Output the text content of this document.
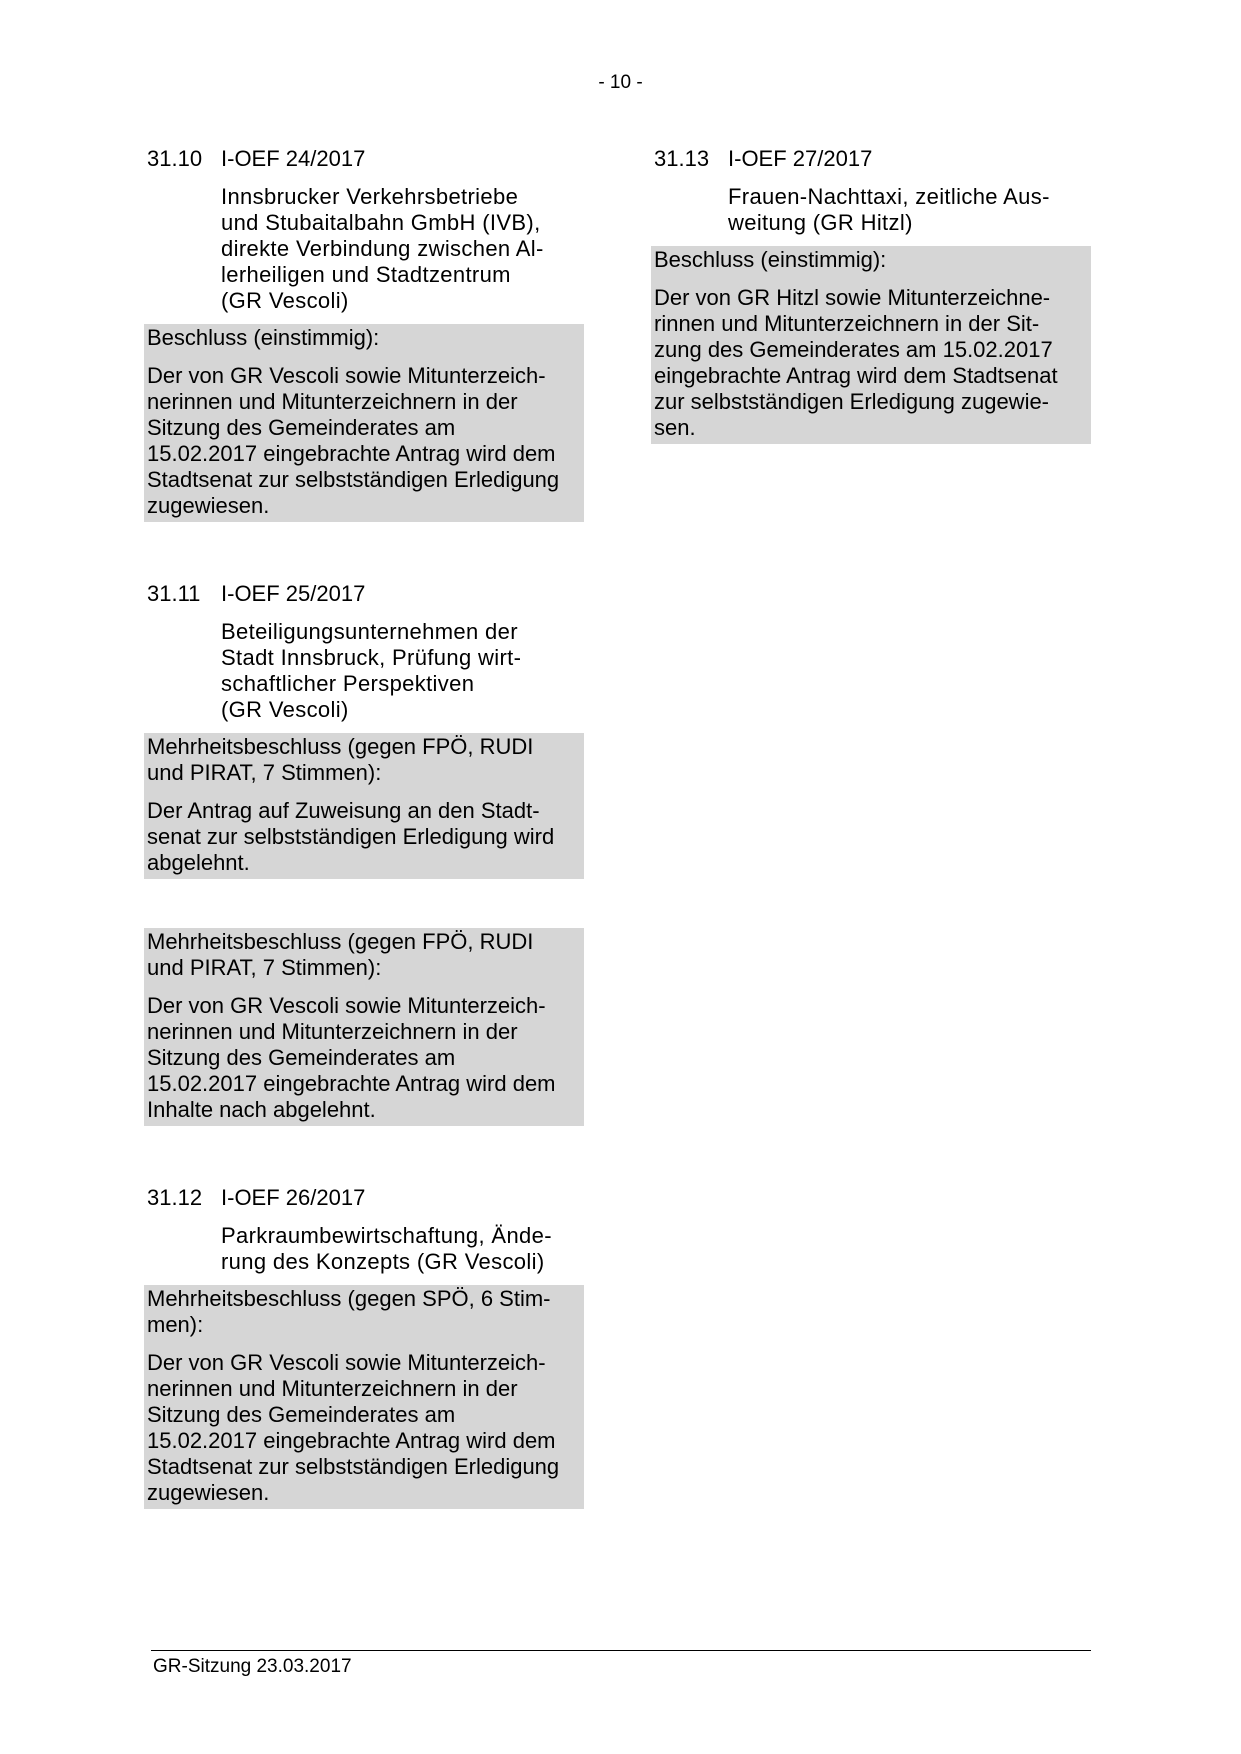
- 10 -
31.10 I-OEF 24/2017
Innsbrucker Verkehrsbetriebe
und Stubaitalbahn GmbH (IVB),
direkte Verbindung zwischen Al-
lerheiligen und Stadtzentrum
(GR Vescoli)
Beschluss (einstimmig):
Der von GR Vescoli sowie Mitunterzeich-
nerinnen und Mitunterzeichnern in der
Sitzung des Gemeinderates am
15.02.2017 eingebrachte Antrag wird dem
Stadtsenat zur selbstständigen Erledigung
zugewiesen.
31.11 I-OEF 25/2017
Beteiligungsunternehmen der
Stadt Innsbruck, Prüfung wirt-
schaftlicher Perspektiven
(GR Vescoli)
Mehrheitsbeschluss (gegen FPÖ, RUDI
und PIRAT, 7 Stimmen):
Der Antrag auf Zuweisung an den Stadt-
senat zur selbstständigen Erledigung wird
abgelehnt.
Mehrheitsbeschluss (gegen FPÖ, RUDI
und PIRAT, 7 Stimmen):
Der von GR Vescoli sowie Mitunterzeich-
nerinnen und Mitunterzeichnern in der
Sitzung des Gemeinderates am
15.02.2017 eingebrachte Antrag wird dem
Inhalte nach abgelehnt.
31.12 I-OEF 26/2017
Parkraumbewirtschaftung, Ände-
rung des Konzepts (GR Vescoli)
Mehrheitsbeschluss (gegen SPÖ, 6 Stim-
men):
Der von GR Vescoli sowie Mitunterzeich-
nerinnen und Mitunterzeichnern in der
Sitzung des Gemeinderates am
15.02.2017 eingebrachte Antrag wird dem
Stadtsenat zur selbstständigen Erledigung
zugewiesen.
31.13 I-OEF 27/2017
Frauen-Nachttaxi, zeitliche Aus-
weitung (GR Hitzl)
Beschluss (einstimmig):
Der von GR Hitzl sowie Mitunterzeichne-
rinnen und Mitunterzeichnern in der Sit-
zung des Gemeinderates am 15.02.2017
eingebrachte Antrag wird dem Stadtsenat
zur selbstständigen Erledigung zugewie-
sen.
GR-Sitzung 23.03.2017
